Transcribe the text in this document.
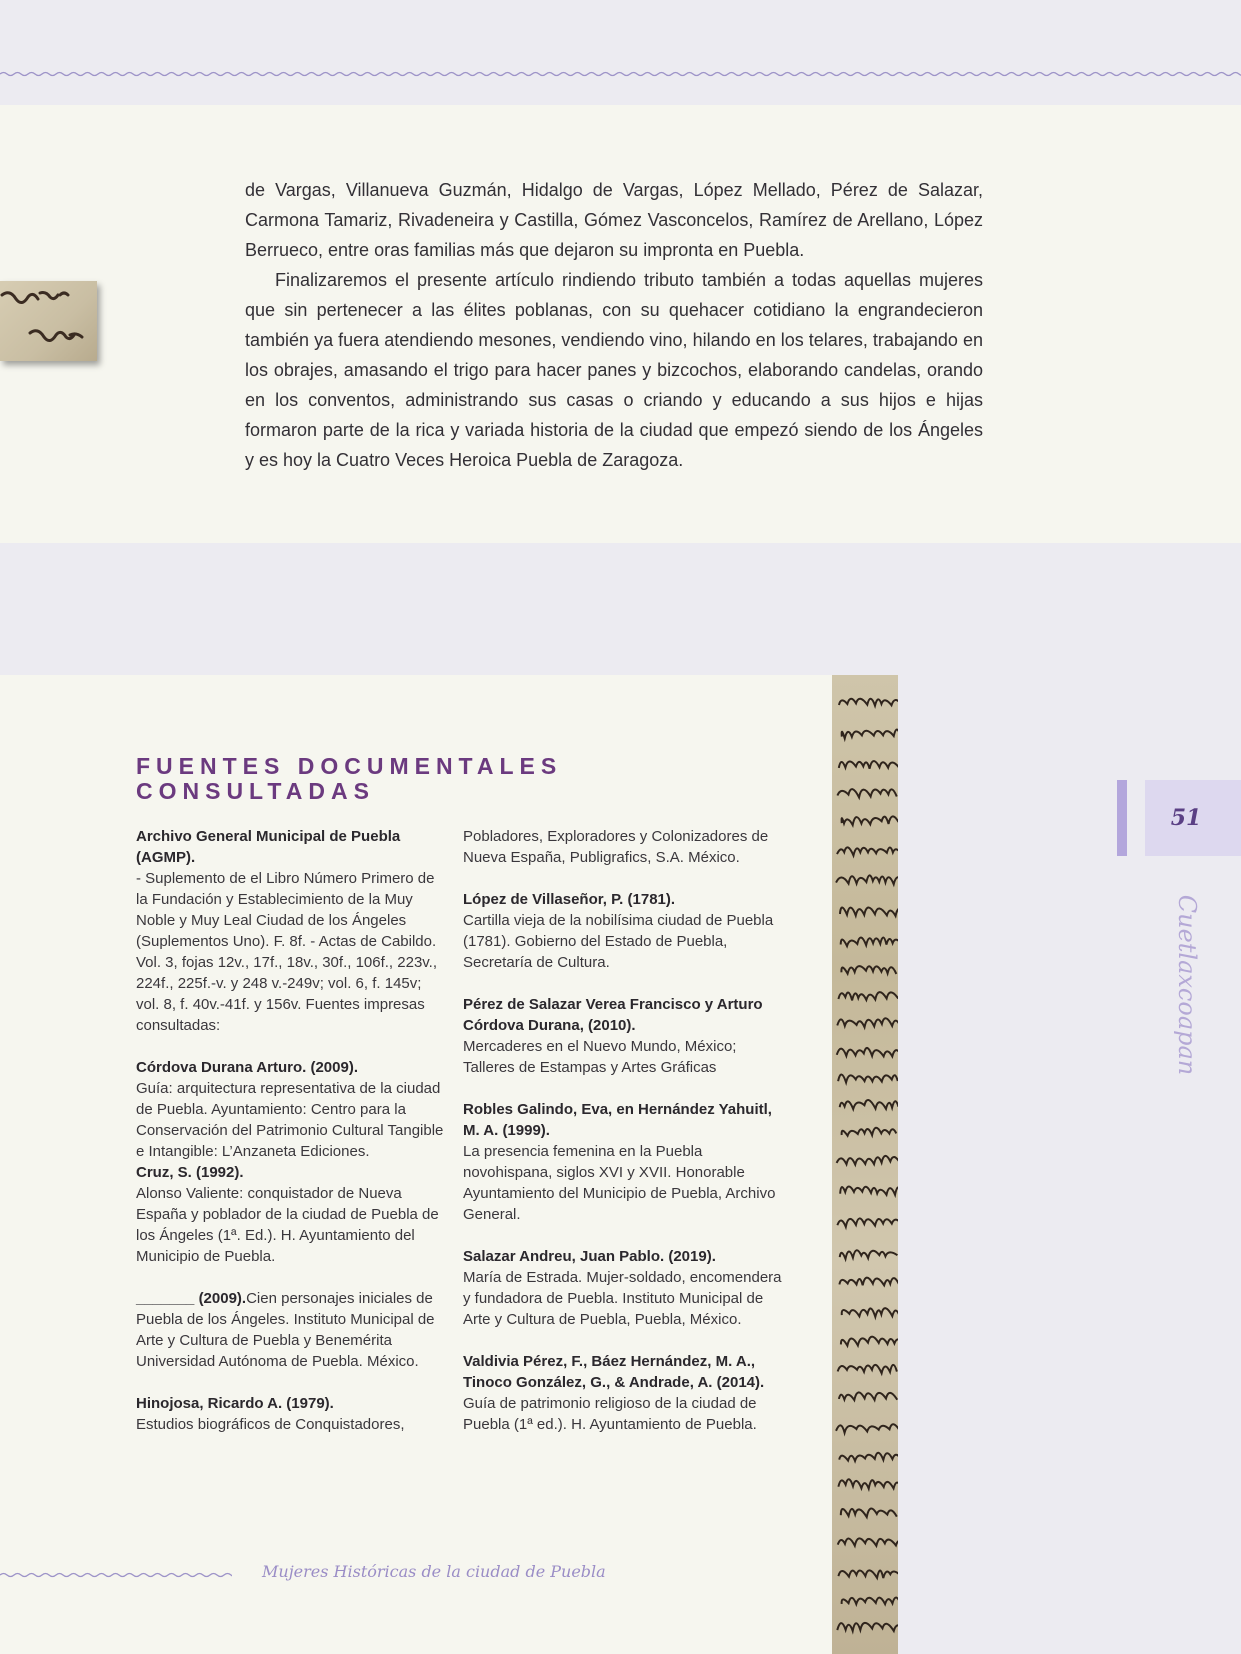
de Vargas, Villanueva Guzmán, Hidalgo de Vargas, López Mellado, Pérez de Salazar, Carmona Tamariz, Rivadeneira y Castilla, Gómez Vasconcelos, Ramírez de Arellano, López Berrueco, entre oras familias más que dejaron su impronta en Puebla.

Finalizaremos el presente artículo rindiendo tributo también a todas aquellas mujeres que sin pertenecer a las élites poblanas, con su quehacer cotidiano la engrandecieron también ya fuera atendiendo mesones, vendiendo vino, hilando en los telares, trabajando en los obrajes, amasando el trigo para hacer panes y bizcochos, elaborando candelas, orando en los conventos, administrando sus casas o criando y educando a sus hijos e hijas formaron parte de la rica y variada historia de la ciudad que empezó siendo de los Ángeles y es hoy la Cuatro Veces Heroica Puebla de Zaragoza.

FUENTES DOCUMENTALES
CONSULTADAS
Archivo General Municipal de Puebla (AGMP).
- Suplemento de el Libro Número Primero de la Fundación y Establecimiento de la Muy Noble y Muy Leal Ciudad de los Ángeles (Suplementos Uno). F. 8f. - Actas de Cabildo. Vol. 3, fojas 12v., 17f., 18v., 30f., 106f., 223v., 224f., 225f.-v. y 248 v.-249v; vol. 6, f. 145v; vol. 8, f. 40v.-41f. y 156v. Fuentes impresas consultadas:
Córdova Durana Arturo. (2009).
Guía: arquitectura representativa de la ciudad de Puebla. Ayuntamiento: Centro para la Conservación del Patrimonio Cultural Tangible e Intangible: L’Anzaneta Ediciones.
Cruz, S. (1992).
Alonso Valiente: conquistador de Nueva España y poblador de la ciudad de Puebla de los Ángeles (1ª. Ed.). H. Ayuntamiento del Municipio de Puebla.
_______ (2009).Cien personajes iniciales de Puebla de los Ángeles. Instituto Municipal de Arte y Cultura de Puebla y Benemérita Universidad Autónoma de Puebla. México.
Hinojosa, Ricardo A. (1979).
Estudios biográficos de Conquistadores,
Pobladores, Exploradores y Colonizadores de Nueva España, Publigrafics, S.A. México.
López de Villaseñor, P. (1781).
Cartilla vieja de la nobilísima ciudad de Puebla (1781). Gobierno del Estado de Puebla, Secretaría de Cultura.
Pérez de Salazar Verea Francisco y Arturo Córdova Durana, (2010).
Mercaderes en el Nuevo Mundo, México; Talleres de Estampas y Artes Gráficas
Robles Galindo, Eva, en Hernández Yahuitl, M. A. (1999).
La presencia femenina en la Puebla novohispana, siglos XVI y XVII. Honorable Ayuntamiento del Municipio de Puebla, Archivo General.
Salazar Andreu, Juan Pablo. (2019).
María de Estrada. Mujer-soldado, encomendera y fundadora de Puebla. Instituto Municipal de Arte y Cultura de Puebla, Puebla, México.
Valdivia Pérez, F., Báez Hernández, M. A., Tinoco González, G., & Andrade, A. (2014). Guía de patrimonio religioso de la ciudad de Puebla (1ª ed.). H. Ayuntamiento de Puebla.
51
Cuetlaxcoapan
Mujeres Históricas de la ciudad de Puebla
